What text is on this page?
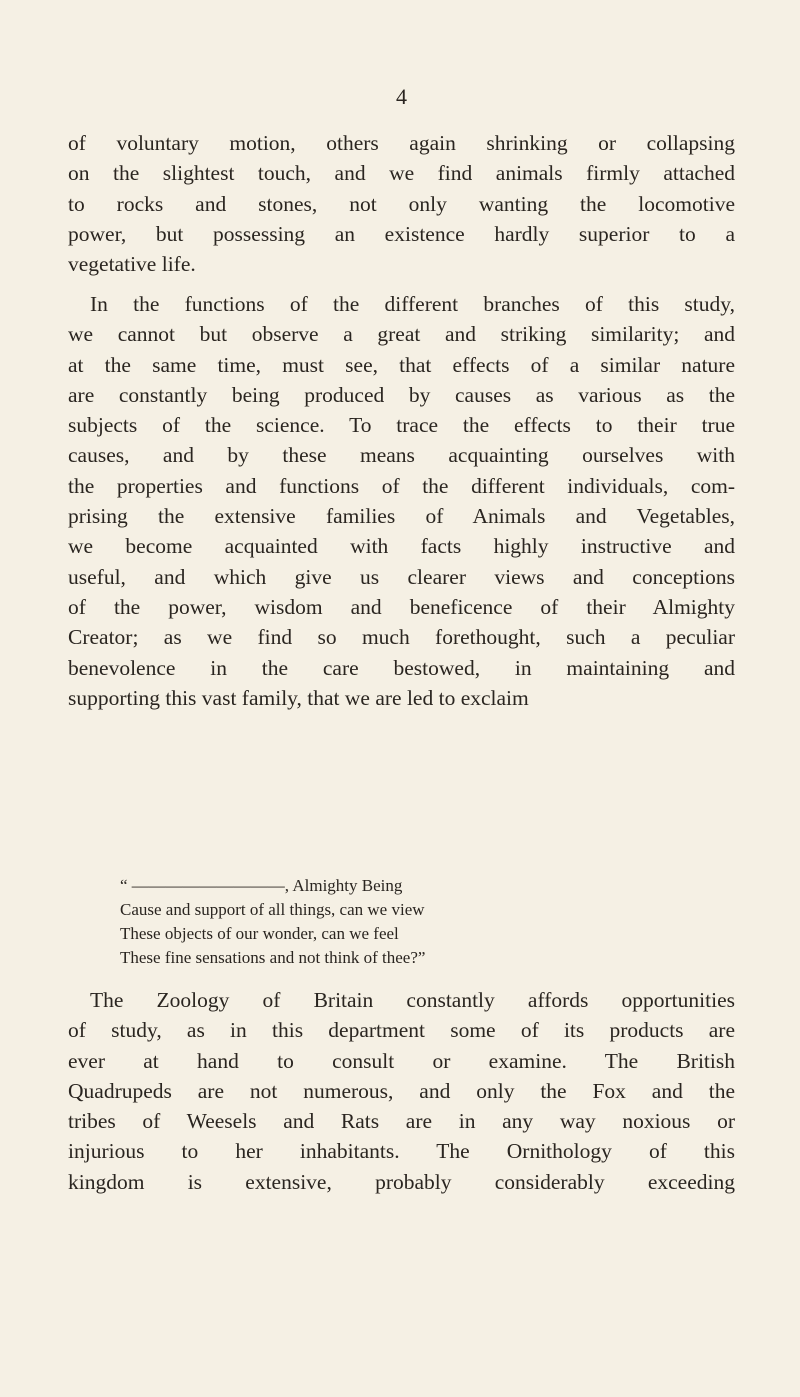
4
of voluntary motion, others again shrinking or collapsing
on the slightest touch, and we find animals firmly attached
to rocks and stones, not only wanting the locomotive
power, but possessing an existence hardly superior to a
vegetative life.
In the functions of the different branches of this study,
we cannot but observe a great and striking similarity; and
at the same time, must see, that effects of a similar nature
are constantly being produced by causes as various as the
subjects of the science. To trace the effects to their true
causes, and by these means acquainting ourselves with
the properties and functions of the different individuals, com-
prising the extensive families of Animals and Vegetables,
we become acquainted with facts highly instructive and
useful, and which give us clearer views and conceptions
of the power, wisdom and beneficence of their Almighty
Creator; as we find so much forethought, such a peculiar
benevolence in the care bestowed, in maintaining and
supporting this vast family, that we are led to exclaim
“ —————————, Almighty Being
Cause and support of all things, can we view
These objects of our wonder, can we feel
These fine sensations and not think of thee?”
The Zoology of Britain constantly affords opportunities
of study, as in this department some of its products are
ever at hand to consult or examine. The British
Quadrupeds are not numerous, and only the Fox and the
tribes of Weesels and Rats are in any way noxious or
injurious to her inhabitants. The Ornithology of this
kingdom is extensive, probably considerably exceeding
